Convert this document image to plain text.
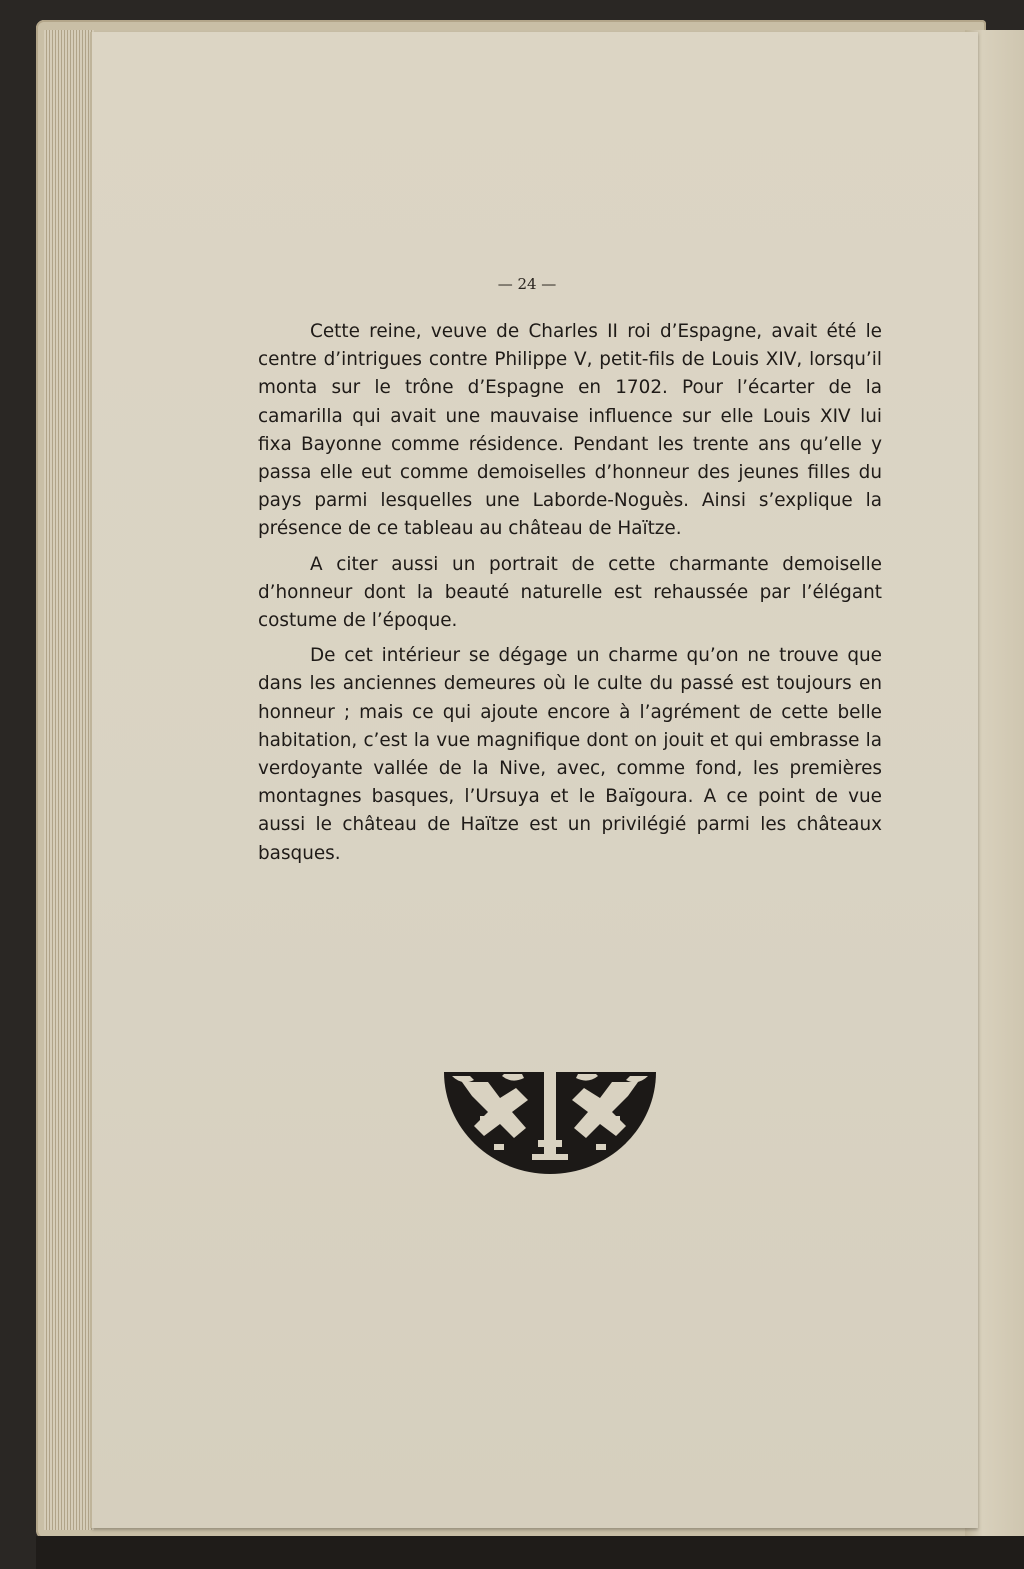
— 24 —

Cette reine, veuve de Charles II roi d’Espagne, avait été le centre d’intrigues contre Philippe V, petit-fils de Louis XIV, lorsqu’il monta sur le trône d’Espagne en 1702. Pour l’écarter de la camarilla qui avait une mauvaise influence sur elle Louis XIV lui fixa Bayonne comme résidence. Pendant les trente ans qu’elle y passa elle eut comme demoiselles d’honneur des jeunes filles du pays parmi lesquelles une Laborde-Noguès. Ainsi s’explique la présence de ce tableau au château de Haïtze.

A citer aussi un portrait de cette charmante demoiselle d’honneur dont la beauté naturelle est rehaussée par l’élégant costume de l’époque.

De cet intérieur se dégage un charme qu’on ne trouve que dans les anciennes demeures où le culte du passé est toujours en honneur ; mais ce qui ajoute encore à l’agrément de cette belle habitation, c’est la vue magnifique dont on jouit et qui embrasse la verdoyante vallée de la Nive, avec, comme fond, les premières montagnes basques, l’Ursuya et le Baïgoura. A ce point de vue aussi le château de Haïtze est un privilégié parmi les châteaux basques.
